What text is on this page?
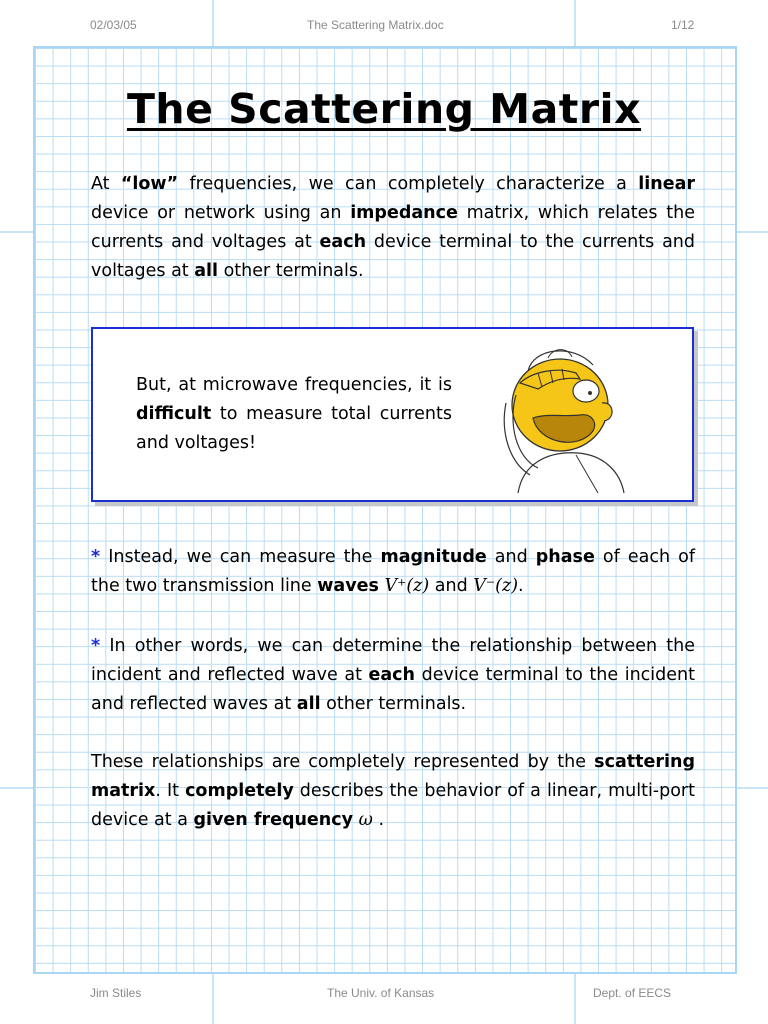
02/03/05	The Scattering Matrix.doc	1/12
The Scattering Matrix
At “low” frequencies, we can completely characterize a linear device or network using an impedance matrix, which relates the currents and voltages at each device terminal to the currents and voltages at all other terminals.
But, at microwave frequencies, it is difficult to measure total currents and voltages!
* Instead, we can measure the magnitude and phase of each of the two transmission line waves V⁺(z) and V⁻(z).
* In other words, we can determine the relationship between the incident and reflected wave at each device terminal to the incident and reflected waves at all other terminals.
These relationships are completely represented by the scattering matrix. It completely describes the behavior of a linear, multi-port device at a given frequency ω .
Jim Stiles	The Univ. of Kansas	Dept. of EECS
